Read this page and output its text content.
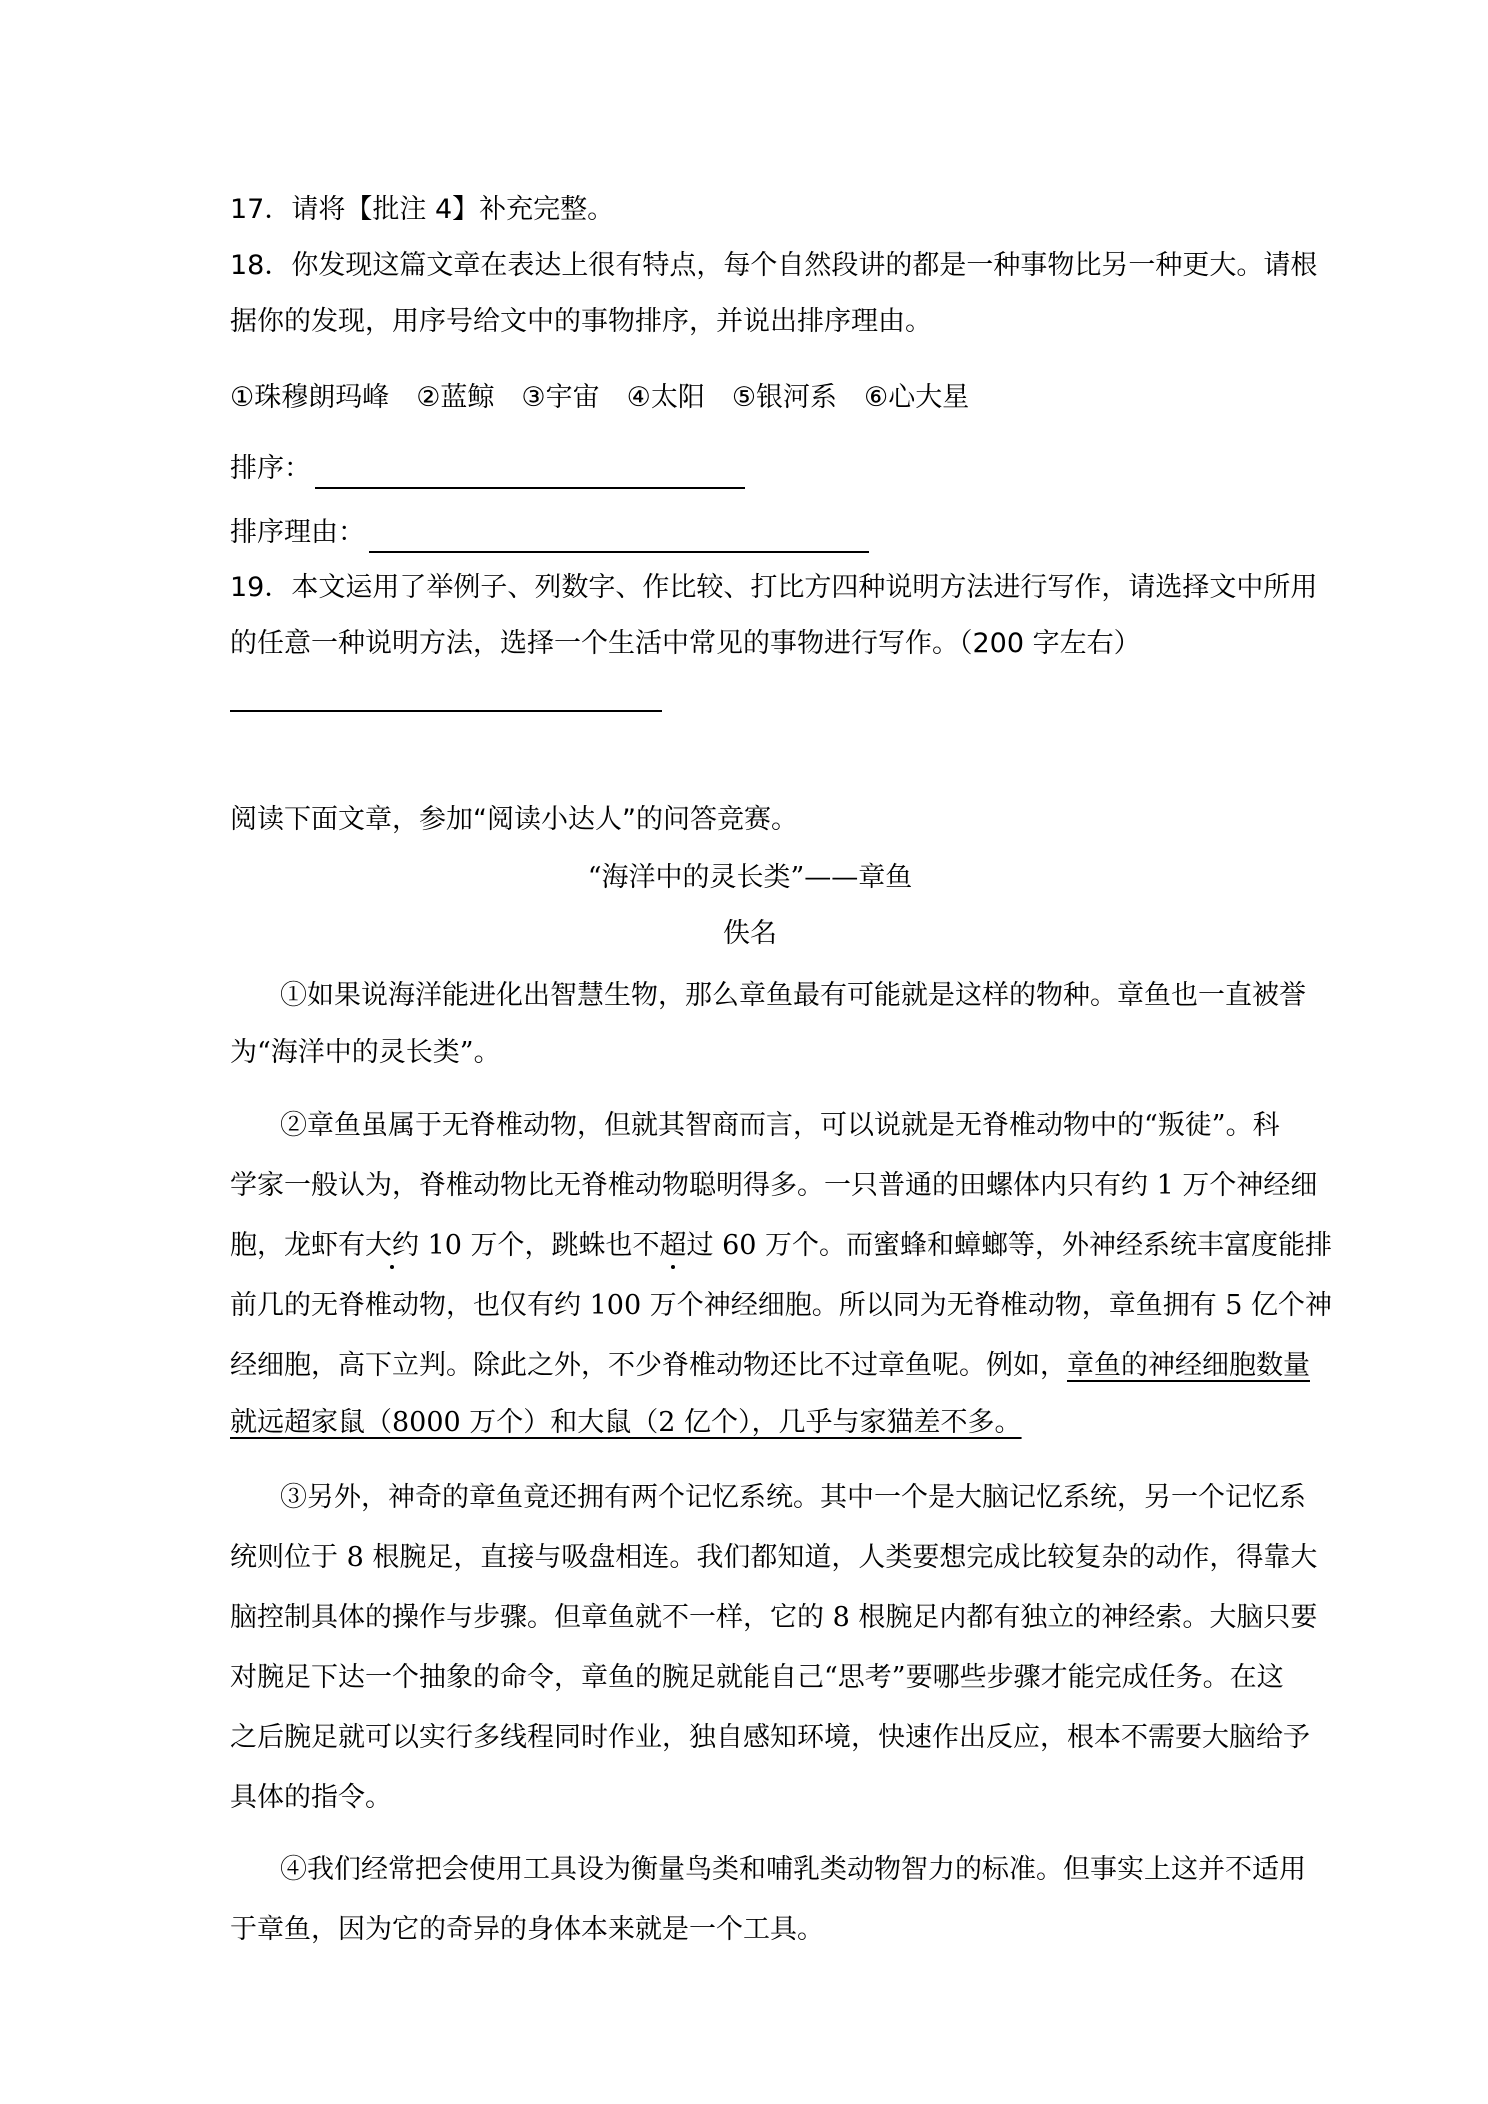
17．请将【批注 4】补充完整。
18．你发现这篇文章在表达上很有特点，每个自然段讲的都是一种事物比另一种更大。请根
据你的发现，用序号给文中的事物排序，并说出排序理由。
①珠穆朗玛峰　②蓝鲸　③宇宙　④太阳　⑤银河系　⑥心大星
排序：
排序理由：
19．本文运用了举例子、列数字、作比较、打比方四种说明方法进行写作，请选择文中所用
的任意一种说明方法，选择一个生活中常见的事物进行写作。（200 字左右）
阅读下面文章，参加“阅读小达人”的问答竞赛。
“海洋中的灵长类”——章鱼
佚名
①如果说海洋能进化出智慧生物，那么章鱼最有可能就是这样的物种。章鱼也一直被誉
为“海洋中的灵长类”。
②章鱼虽属于无脊椎动物，但就其智商而言，可以说就是无脊椎动物中的“叛徒”。科
学家一般认为，脊椎动物比无脊椎动物聪明得多。一只普通的田螺体内只有约 1 万个神经细
胞，龙虾有大约 10 万个，跳蛛也不超过 60 万个。而蜜蜂和蟑螂等，外神经系统丰富度能排
前几的无脊椎动物，也仅有约 100 万个神经细胞。所以同为无脊椎动物，章鱼拥有 5 亿个神
经细胞，高下立判。除此之外，不少脊椎动物还比不过章鱼呢。例如，章鱼的神经细胞数量
就远超家鼠（8000 万个）和大鼠（2 亿个），几乎与家猫差不多。
③另外，神奇的章鱼竟还拥有两个记忆系统。其中一个是大脑记忆系统，另一个记忆系
统则位于 8 根腕足，直接与吸盘相连。我们都知道，人类要想完成比较复杂的动作，得靠大
脑控制具体的操作与步骤。但章鱼就不一样，它的 8 根腕足内都有独立的神经索。大脑只要
对腕足下达一个抽象的命令，章鱼的腕足就能自己“思考”要哪些步骤才能完成任务。在这
之后腕足就可以实行多线程同时作业，独自感知环境，快速作出反应，根本不需要大脑给予
具体的指令。
④我们经常把会使用工具设为衡量鸟类和哺乳类动物智力的标准。但事实上这并不适用
于章鱼，因为它的奇异的身体本来就是一个工具。
